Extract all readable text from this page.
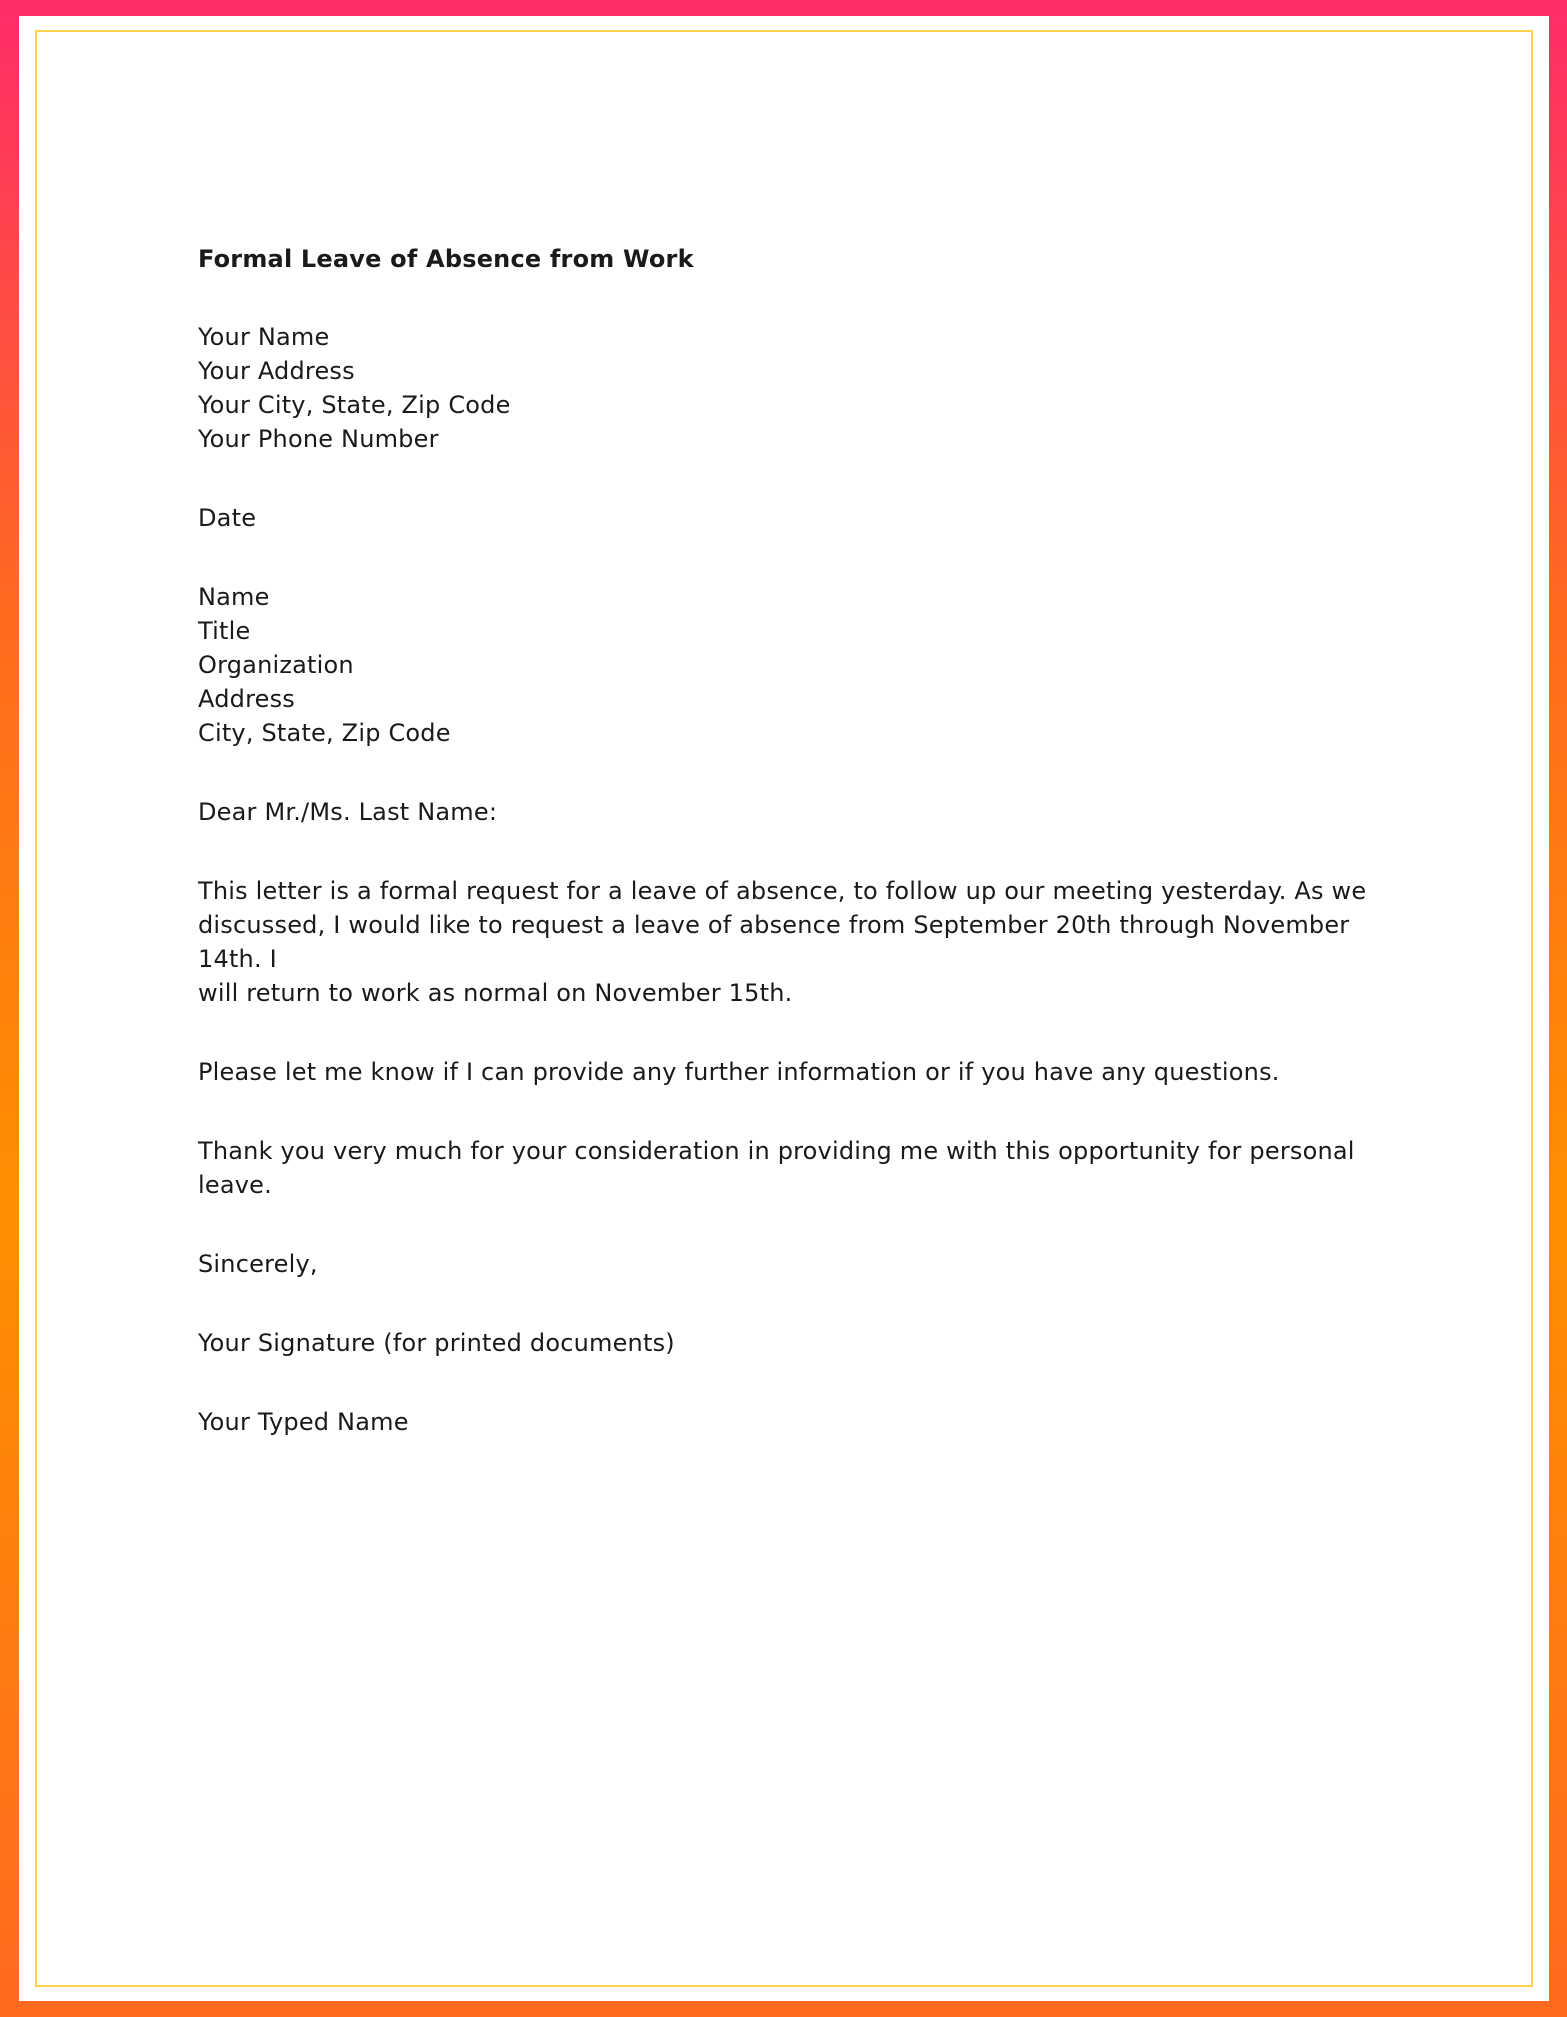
Formal Leave of Absence from Work
Your Name
Your Address
Your City, State, Zip Code
Your Phone Number
Date
Name
Title
Organization
Address
City, State, Zip Code
Dear Mr./Ms. Last Name:
This letter is a formal request for a leave of absence, to follow up our meeting yesterday. As we
discussed, I would like to request a leave of absence from September 20th through November 14th. I
will return to work as normal on November 15th.
Please let me know if I can provide any further information or if you have any questions.
Thank you very much for your consideration in providing me with this opportunity for personal leave.
Sincerely,
Your Signature (for printed documents)
Your Typed Name
